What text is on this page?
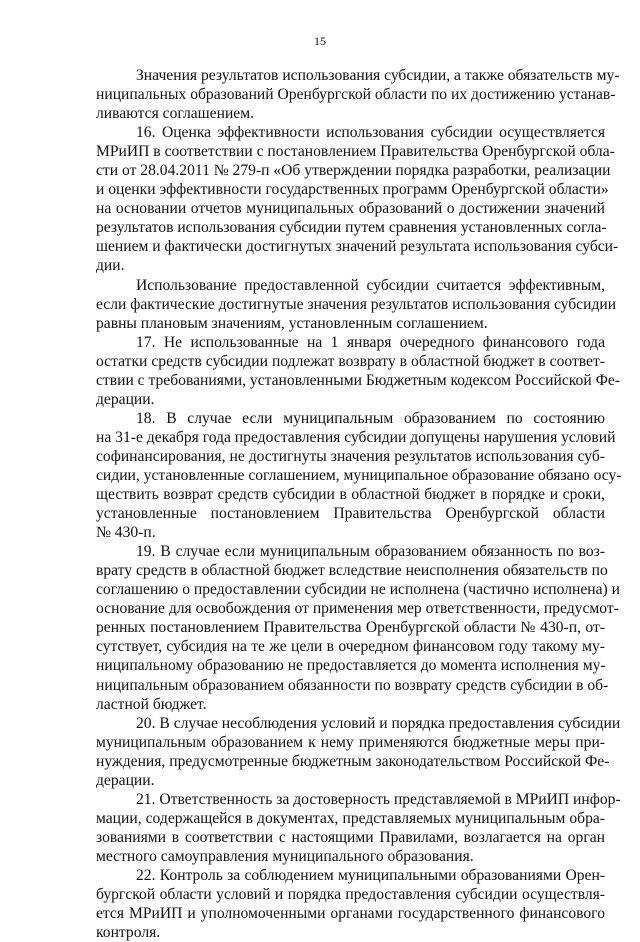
15
Значения результатов использования субсидии, а также обязательств му-
ниципальных образований Оренбургской области по их достижению устанав-
ливаются соглашением.
16. Оценка эффективности использования субсидии осуществляется
МРиИП в соответствии с постановлением Правительства Оренбургской обла-
сти от 28.04.2011 № 279-п «Об утверждении порядка разработки, реализации
и оценки эффективности государственных программ Оренбургской области»
на основании отчетов муниципальных образований о достижении значений
результатов использования субсидии путем сравнения установленных согла-
шением и фактически достигнутых значений результата использования субси-
дии.
Использование предоставленной субсидии считается эффективным,
если фактические достигнутые значения результатов использования субсидии
равны плановым значениям, установленным соглашением.
17. Не использованные на 1 января очередного финансового года
остатки средств субсидии подлежат возврату в областной бюджет в соответ-
ствии с требованиями, установленными Бюджетным кодексом Российской Фе-
дерации.
18. В случае если муниципальным образованием по состоянию
на 31-е декабря года предоставления субсидии допущены нарушения условий
софинансирования, не достигнуты значения результатов использования суб-
сидии, установленные соглашением, муниципальное образование обязано осу-
ществить возврат средств субсидии в областной бюджет в порядке и сроки,
установленные постановлением Правительства Оренбургской области
№ 430-п.
19. В случае если муниципальным образованием обязанность по воз-
врату средств в областной бюджет вследствие неисполнения обязательств по
соглашению о предоставлении субсидии не исполнена (частично исполнена) и
основание для освобождения от применения мер ответственности, предусмот-
ренных постановлением Правительства Оренбургской области № 430-п, от-
сутствует, субсидия на те же цели в очередном финансовом году такому му-
ниципальному образованию не предоставляется до момента исполнения му-
ниципальным образованием обязанности по возврату средств субсидии в об-
ластной бюджет.
20. В случае несоблюдения условий и порядка предоставления субсидии
муниципальным образованием к нему применяются бюджетные меры при-
нуждения, предусмотренные бюджетным законодательством Российской Фе-
дерации.
21. Ответственность за достоверность представляемой в МРиИП инфор-
мации, содержащейся в документах, представляемых муниципальным обра-
зованиями в соответствии с настоящими Правилами, возлагается на орган
местного самоуправления муниципального образования.
22. Контроль за соблюдением муниципальными образованиями Орен-
бургской области условий и порядка предоставления субсидии осуществля-
ется МРиИП и уполномоченными органами государственного финансового
контроля.
